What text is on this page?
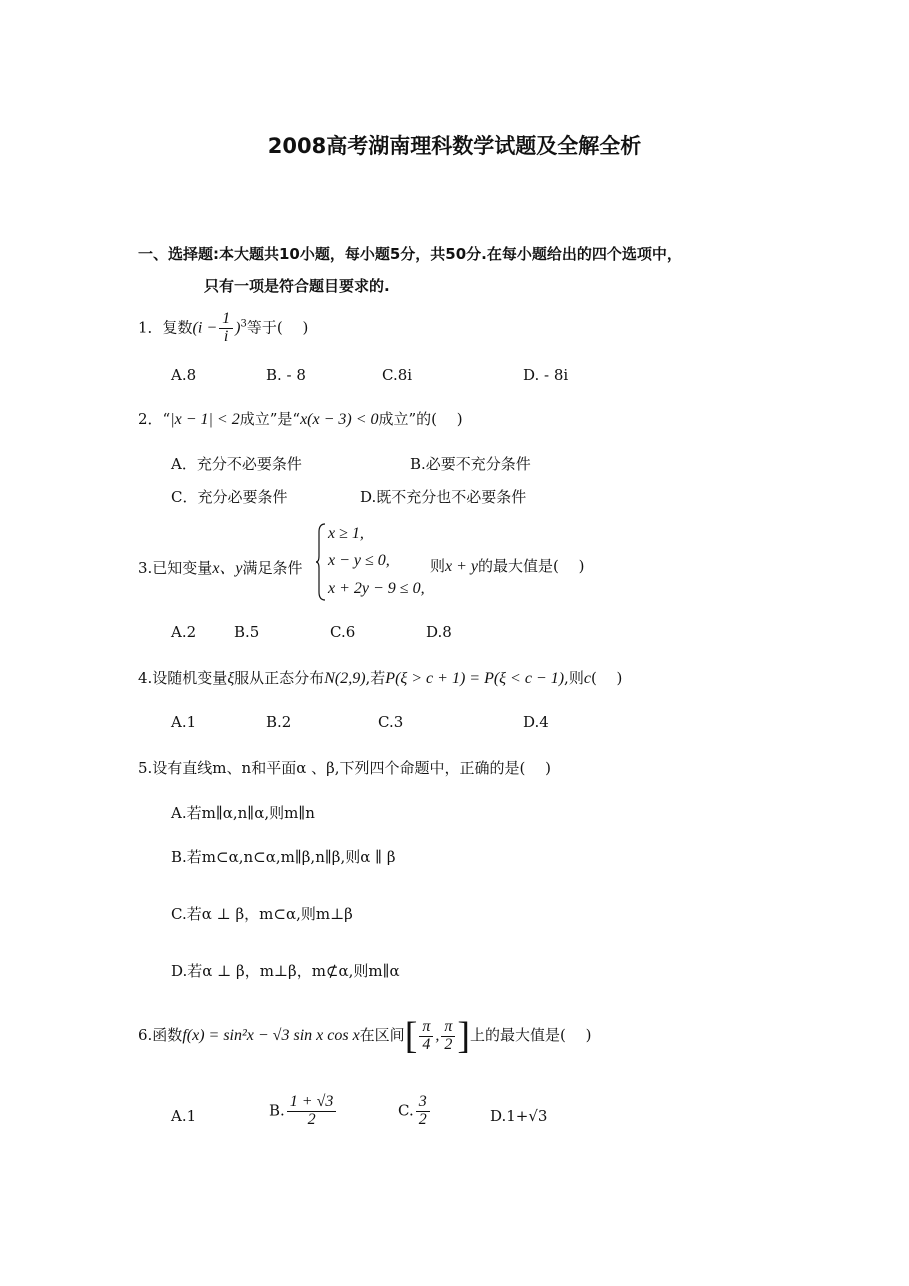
2008高考湖南理科数学试题及全解全析
一、选择题:本大题共10小题，每小题5分，共50分.在每小题给出的四个选项中，
只有一项是符合题目要求的.
1．复数$(i - \frac{1}{i} )^3$等于(　 )
A.8	B. - 8	C.8i	D. - 8i
2．“|x − 1| < 2成立”是“x(x − 3) < 0成立”的(　 )
A．充分不必要条件	B.必要不充分条件
C．充分必要条件	D.既不充分也不必要条件
3.已知变量x、y满足条件
x ≥ 1,
x − y ≤ 0,
x + 2y − 9 ≤ 0,
则x + y的最大值是(　 )
A.2	B.5	C.6	D.8
4.设随机变量ξ服从正态分布N(2,9),若P(ξ > c + 1) = P(ξ < c − 1),则c(　 )
A.1	B.2	C.3	D.4
5.设有直线m、n和平面α 、β,下列四个命题中，正确的是(　 )
A.若m∥α,n∥α,则m∥n
B.若m⊂α,n⊂α,m∥β,n∥β,则α ∥ β
C.若α ⊥ β，m⊂α,则m⊥β
D.若α ⊥ β，m⊥β，m⊄α,则m∥α
6.函数f(x) = sin²x − √3 sin x cos x在区间[ $\frac{\pi}{4}$ , $\frac{\pi}{2}$ ]上的最大值是(　 )
A.1	B. $\frac{1 + √3}{2}$	C. $\frac{3}{2}$	D.1+√3
